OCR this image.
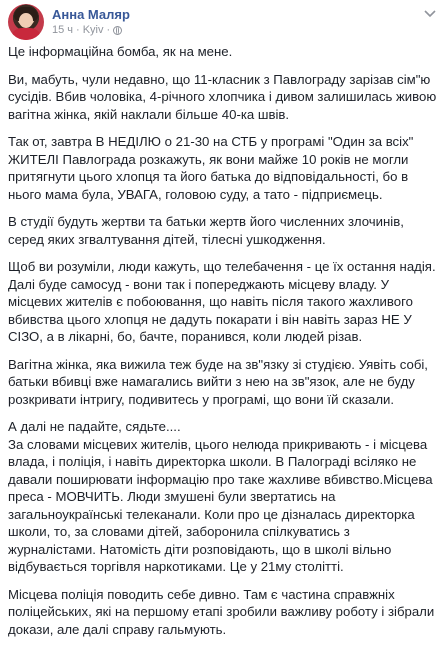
Анна Маляр
15 ч · Kyiv ·

Це інформаційна бомба, як на мене.

Ви, мабуть, чули недавно, що 11-класник з Павлограду зарізав сім"ю сусідів. Вбив чоловіка, 4-річного хлопчика і дивом залишилась живою вагітна жінка, якій наклали більше 40-ка швів.

Так от, завтра В НЕДІЛЮ о 21-30 на СТБ у програмі "Один за всіх" ЖИТЕЛІ Павлограда розкажуть, як вони майже 10 років не могли притягнути цього хлопця та його батька до відповідальності, бо в нього мама була, УВАГА, головою суду, а тато - підприємець.

В студії будуть жертви та батьки жертв його численних злочинів, серед яких згвалтування дітей, тілесні ушкодження.

Щоб ви розуміли, люди кажуть, що телебачення - це їх остання надія. Далі буде самосуд - вони так і попереджають місцеву владу. У місцевих жителів є побоювання, що навіть після такого жахливого вбивства цього хлопця не дадуть покарати і він навіть зараз НЕ У СІЗО, а в лікарні, бо, бачте, поранився, коли людей різав.

Вагітна жінка, яка вижила теж буде на зв"язку зі студією. Уявіть собі, батьки вбивці вже намагались вийти з нею на зв"язок, але не буду розкривати інтригу, подивитесь у програмі, що вони їй сказали.

А далі не падайте, сядьте....
За словами місцевих жителів, цього нелюда прикривають - і місцева влада, і поліція, і навіть директорка школи. В Палограді всіляко не давали поширювати інформацію про таке жахливе вбивство.Місцева преса - МОВЧИТЬ. Люди змушені були звертатись на загальноукраїнські телеканали. Коли про це дізналась директорка школи, то, за словами дітей, заборонила спілкуватись з журналістами. Натомість діти розповідають, що в школі вільно відбувається торгівля наркотиками. Це у 21му столітті.

Місцева поліція поводить себе дивно. Там є частина справжніх поліцейських, які на першому етапі зробили важливу роботу і зібрали докази, але далі справу гальмують.
